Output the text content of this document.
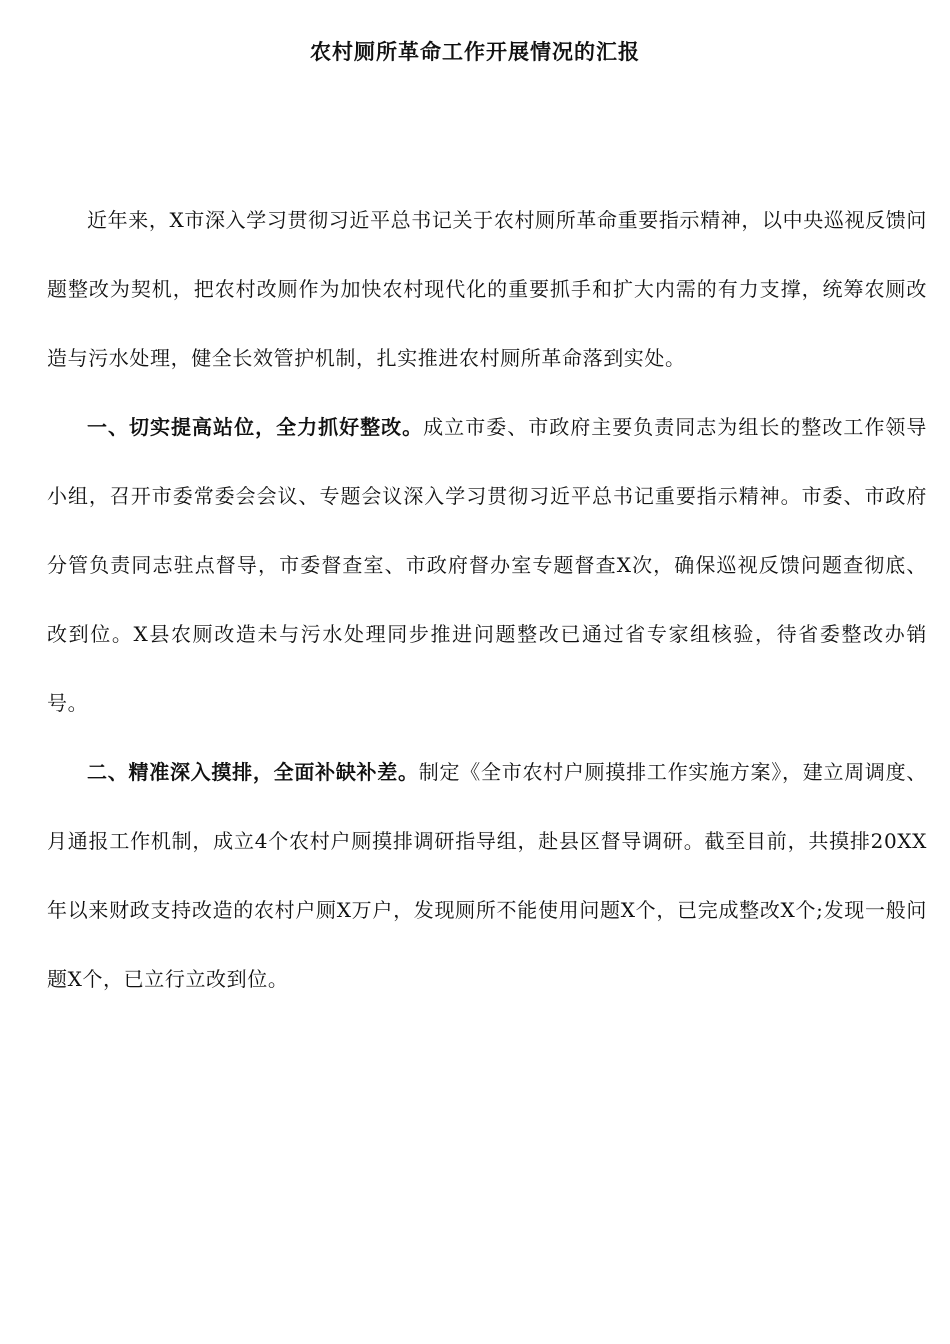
农村厕所革命工作开展情况的汇报

近年来，X市深入学习贯彻习近平总书记关于农村厕所革命重要指示精神，以中央巡视反馈问题整改为契机，把农村改厕作为加快农村现代化的重要抓手和扩大内需的有力支撑，统筹农厕改造与污水处理，健全长效管护机制，扎实推进农村厕所革命落到实处。

一、切实提高站位，全力抓好整改。成立市委、市政府主要负责同志为组长的整改工作领导小组，召开市委常委会会议、专题会议深入学习贯彻习近平总书记重要指示精神。市委、市政府分管负责同志驻点督导，市委督查室、市政府督办室专题督查X次，确保巡视反馈问题查彻底、改到位。X县农厕改造未与污水处理同步推进问题整改已通过省专家组核验，待省委整改办销号。

二、精准深入摸排，全面补缺补差。制定《全市农村户厕摸排工作实施方案》，建立周调度、月通报工作机制，成立4个农村户厕摸排调研指导组，赴县区督导调研。截至目前，共摸排20XX年以来财政支持改造的农村户厕X万户，发现厕所不能使用问题X个，已完成整改X个;发现一般问题X个，已立行立改到位。
